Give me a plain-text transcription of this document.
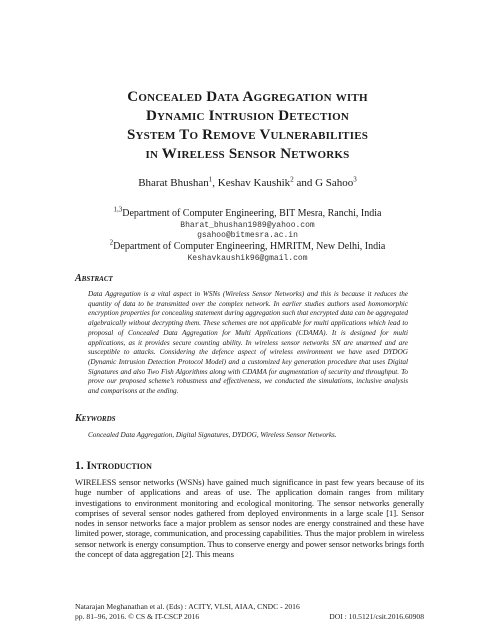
Concealed Data Aggregation with
Dynamic Intrusion Detection
System To Remove Vulnerabilities
in Wireless Sensor Networks
Bharat Bhushan$^1$, Keshav Kaushik$^2$ and G Sahoo$^3$
$^{1,3}$Department of Computer Engineering, BIT Mesra, Ranchi, India
Bharat_bhushan1989@yahoo.com
gsahoo@bitmesra.ac.in
$^2$Department of Computer Engineering, HMRITM, New Delhi, India
Keshavkaushik96@gmail.com
Abstract
Data Aggregation is a vital aspect in WSNs (Wireless Sensor Networks) and this is because it reduces the quantity of data to be transmitted over the complex network. In earlier studies authors used homomorphic encryption properties for concealing statement during aggregation such that encrypted data can be aggregated algebraically without decrypting them. These schemes are not applicable for multi applications which lead to proposal of Concealed Data Aggregation for Multi Applications (CDAMA). It is designed for multi applications, as it provides secure counting ability. In wireless sensor networks SN are unarmed and are susceptible to attacks. Considering the defence aspect of wireless environment we have used DYDOG (Dynamic Intrusion Detection Protocol Model) and a customized key generation procedure that uses Digital Signatures and also Two Fish Algorithms along with CDAMA for augmentation of security and throughput. To prove our proposed scheme’s robustness and effectiveness, we conducted the simulations, inclusive analysis and comparisons at the ending.
Keywords
Concealed Data Aggregation, Digital Signatures, DYDOG, Wireless Sensor Networks.
1. Introduction
WIRELESS sensor networks (WSNs) have gained much significance in past few years because of its huge number of applications and areas of use. The application domain ranges from military investigations to environment monitoring and ecological monitoring. The sensor networks generally comprises of several sensor nodes gathered from deployed environments in a large scale [1]. Sensor nodes in sensor networks face a major problem as sensor nodes are energy constrained and these have limited power, storage, communication, and processing capabilities. Thus the major problem in wireless sensor network is energy consumption. Thus to conserve energy and power sensor networks brings forth the concept of data aggregation [2]. This means
Natarajan Meghanathan et al. (Eds) : ACITY, VLSI, AIAA, CNDC - 2016
pp. 81–96, 2016. © CS & IT-CSCP 2016	DOI : 10.5121/csit.2016.60908
